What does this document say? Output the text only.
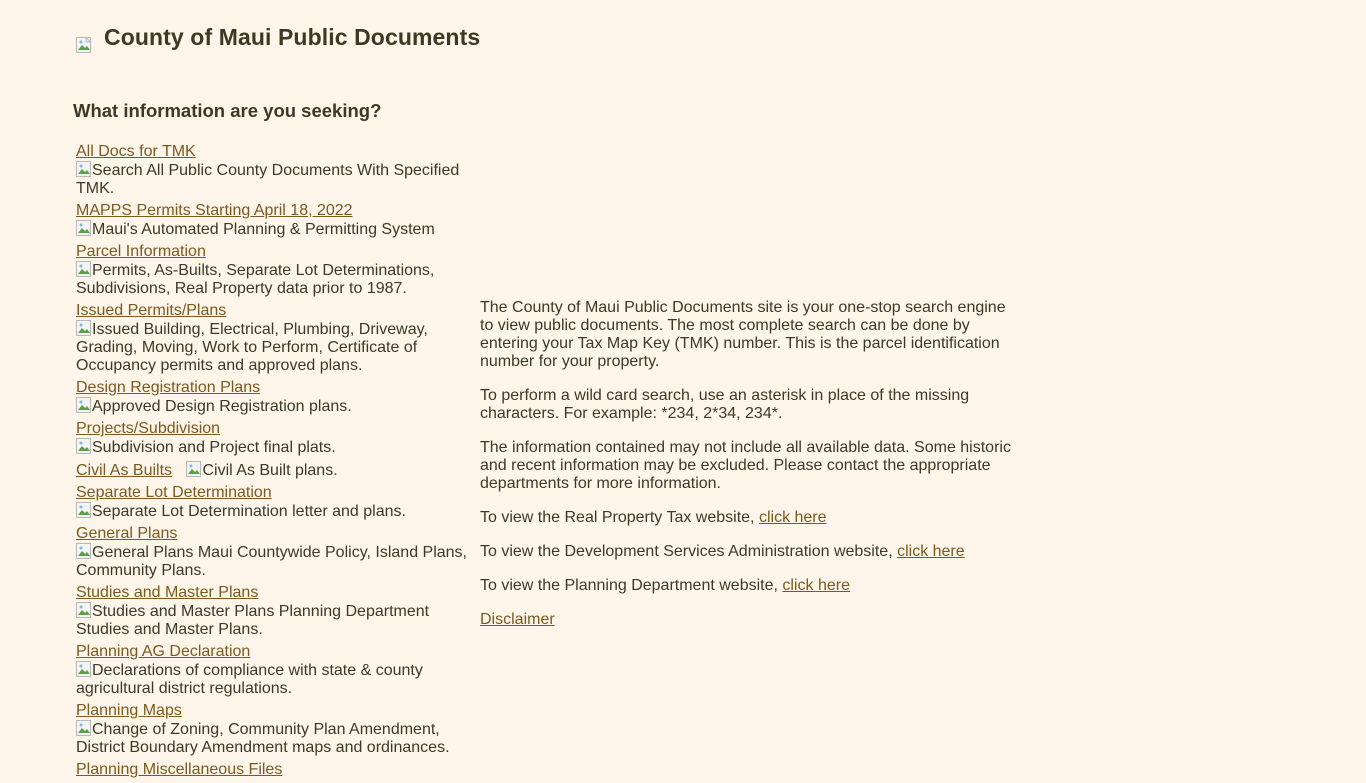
County of Maui Public Documents
What information are you seeking?
All Docs for TMK

Search All Public County Documents With Specified TMK.
MAPPS Permits Starting April 18, 2022

Maui's Automated Planning & Permitting System
Parcel Information

Permits, As-Builts, Separate Lot Determinations, Subdivisions, Real Property data prior to 1987.
Issued Permits/Plans

Issued Building, Electrical, Plumbing, Driveway, Grading, Moving, Work to Perform, Certificate of Occupancy permits and approved plans.
Design Registration Plans

Approved Design Registration plans.
Projects/Subdivision

Subdivision and Project final plats.
Civil As Builts Civil As Built plans.
Separate Lot Determination

Separate Lot Determination letter and plans.
General Plans

General Plans Maui Countywide Policy, Island Plans, Community Plans.
Studies and Master Plans

Studies and Master Plans Planning Department Studies and Master Plans.
Planning AG Declaration

Declarations of compliance with state & county agricultural district regulations.
Planning Maps

Change of Zoning, Community Plan Amendment, District Boundary Amendment maps and ordinances.
Planning Miscellaneous Files

The County of Maui Public Documents site is your one-stop search engine to view public documents. The most complete search can be done by entering your Tax Map Key (TMK) number. This is the parcel identification number for your property.

To perform a wild card search, use an asterisk in place of the missing characters. For example: *234, 2*34, 234*.

The information contained may not include all available data. Some historic and recent information may be excluded. Please contact the appropriate departments for more information.

To view the Real Property Tax website, click here

To view the Development Services Administration website, click here

To view the Planning Department website, click here

Disclaimer
